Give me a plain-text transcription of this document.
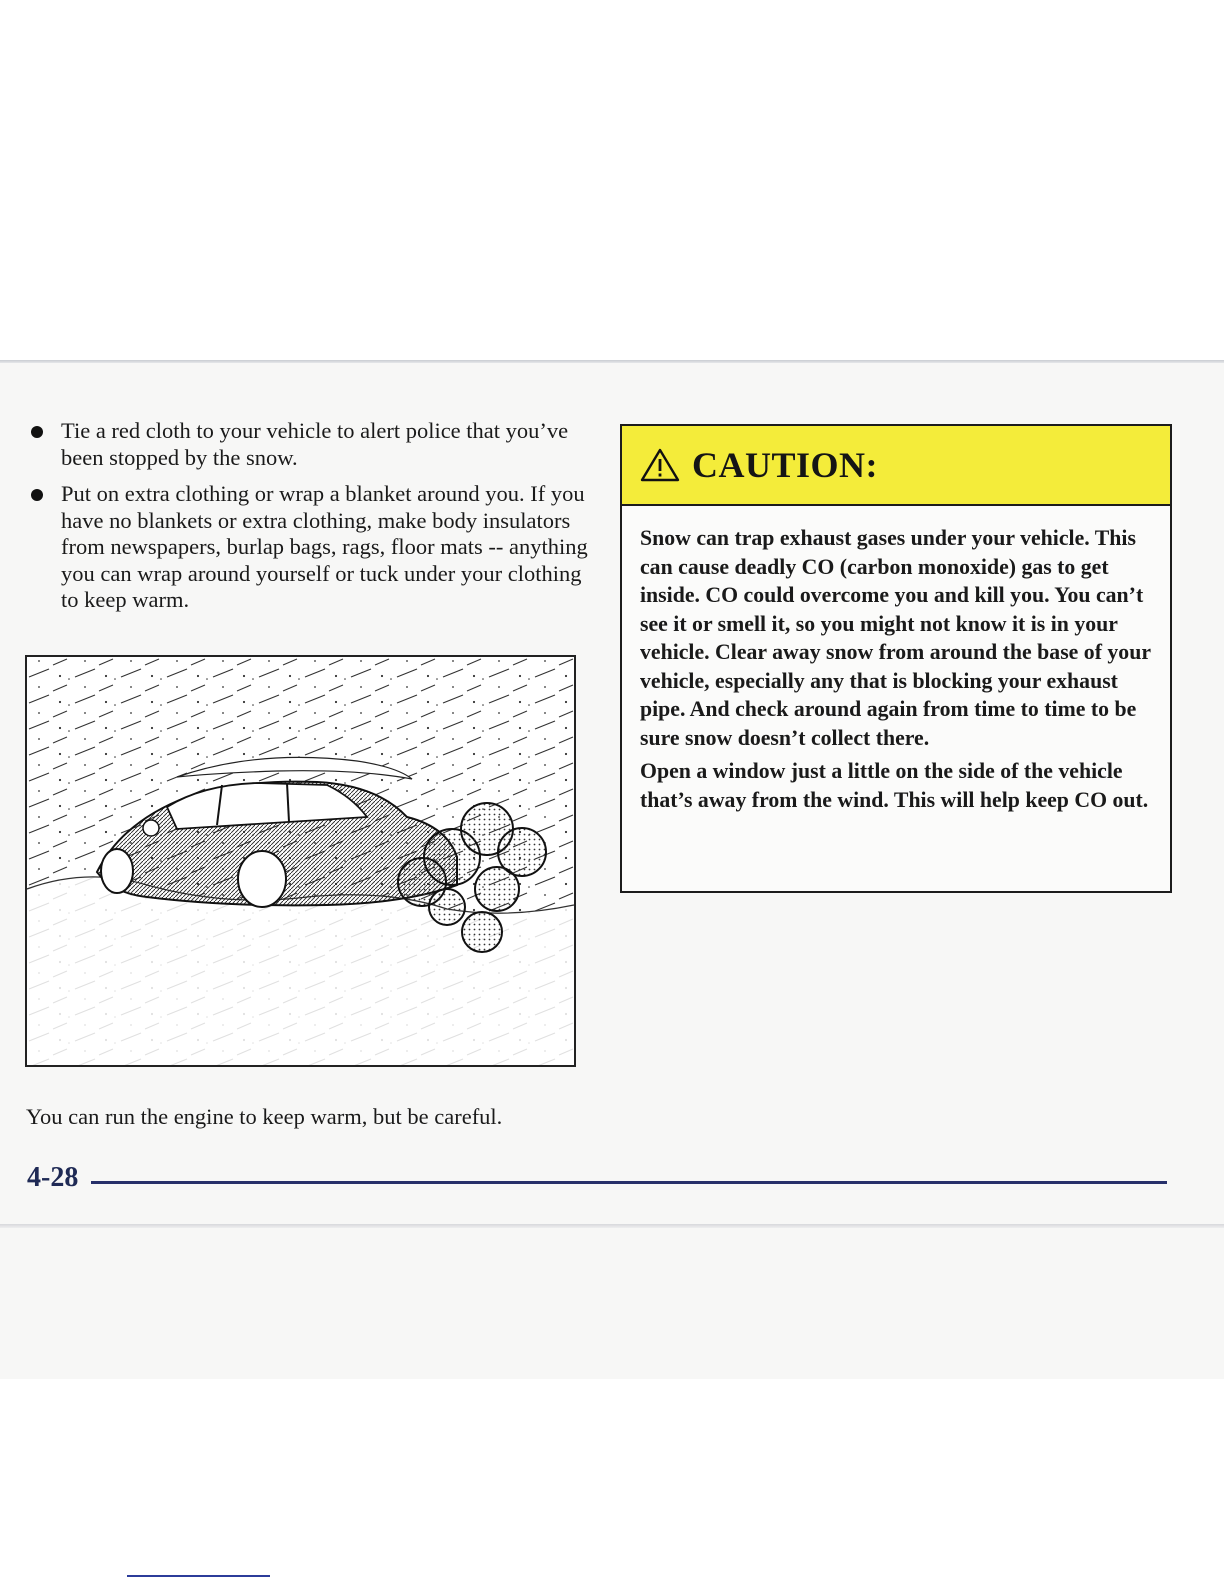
Tie a red cloth to your vehicle to alert police that you’ve been stopped by the snow.
Put on extra clothing or wrap a blanket around you. If you have no blankets or extra clothing, make body insulators from newspapers, burlap bags, rags, floor mats -- anything you can wrap around yourself or tuck under your clothing to keep warm.

You can run the engine to keep warm, but be careful.

CAUTION:

Snow can trap exhaust gases under your vehicle. This can cause deadly CO (carbon monoxide) gas to get inside. CO could overcome you and kill you. You can’t see it or smell it, so you might not know it is in your vehicle. Clear away snow from around the base of your vehicle, especially any that is blocking your exhaust pipe. And check around again from time to time to be sure snow doesn’t collect there.

Open a window just a little on the side of the vehicle that’s away from the wind. This will help keep CO out.

4-28
